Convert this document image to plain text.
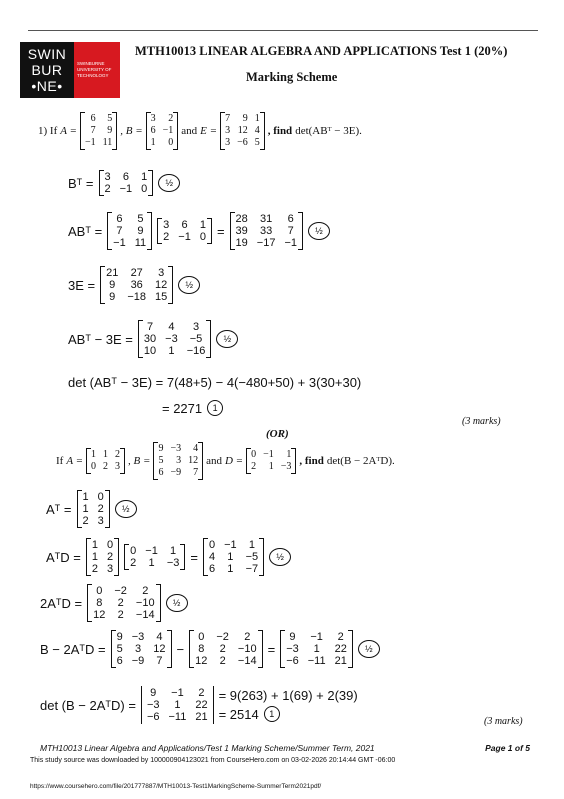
SWIN
BUR
•NE•
SWINBURNE
UNIVERSITY OF
TECHNOLOGY
MTH10013 LINEAR ALGEBRA AND APPLICATIONS Test 1 (20%)
Marking Scheme
1) If A =
6	5
7	9
−1 11
, B =
3	2
6 −1
1	0
and E =
7	9 1
3 12 4
3 −6 5
, find det(ABᵀ − 3E).
Bᵀ = 3 6 1
2 −1 0	½
ABᵀ =
6 5
7 9
−1 11
3 6 1
2 −1 0 =
28 31 6
39 33 7
19 −17 −1
½
3E =
21 27 3
9 36 12
9 −18 15
½
ABᵀ − 3E =
7 4	3
30 −3 −5
10 1 −16
½
det (ABᵀ − 3E) = 7(48+5) − 4(−480+50) + 3(30+30)
= 2271	1
(3 marks)
(OR)
If A =
1 1 2
0 2 3 , B =
9 −3	4
5	3 12
6 −9	7
and D =
0 −1	1
2	1 −3 , find det(B − 2AᵀD).
Aᵀ =
1 0
1 2
2 3
½
AᵀD =
1 0
1 2
2 3
0 −1 1
2 1 −3 =
0 −1 1
4 1 −5
6 1 −7
½
2AᵀD =
0 −2	2
8 2 −10
12 2 −14
½
B − 2AᵀD =
9 −3 4
5 3 12
6 −9 7
−
0 −2	2
8 2 −10
12 2 −14
=
9 −1 2
−3	1	22
−6 −11 21
½
det (B − 2AᵀD) =
9 −1 2
−3	1	22
−6 −11 21
= 9(263) + 1(69) + 2(39)
= 2514	1
(3 marks)
MTH10013 Linear Algebra and Applications/Test 1 Marking Scheme/Summer Term, 2021	Page 1 of 5
This study source was downloaded by 100000904123021 from CourseHero.com on 03-02-2026 20:14:44 GMT -06:00
https://www.coursehero.com/file/201777887/MTH10013-Test1MarkingScheme-SummerTerm2021pdf/
